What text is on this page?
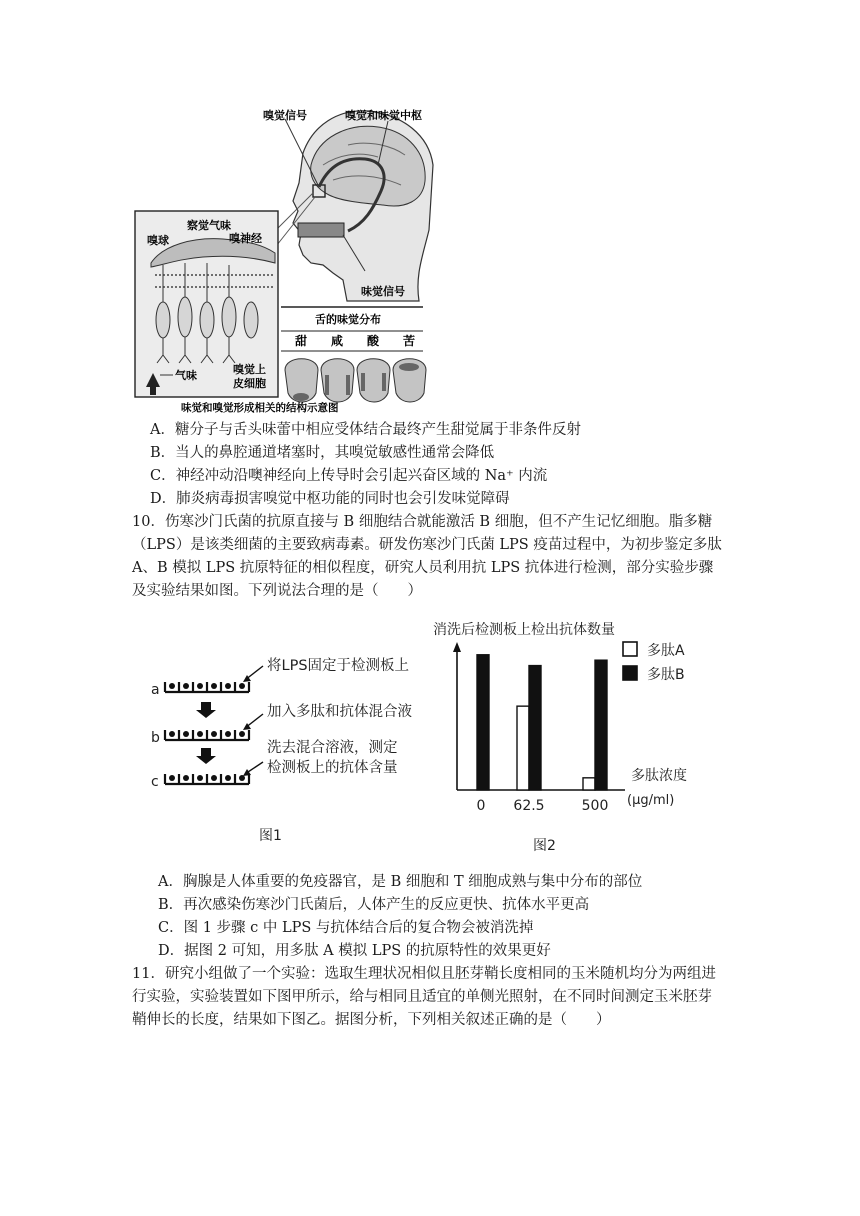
嗅觉信号	嗅觉和味觉中枢
察觉气味
嗅球	嗅神经
味觉信号
舌的味觉分布
甜 咸 酸 苦
气味	嗅觉上
皮细胞
味觉和嗅觉形成相关的结构示意图
A．糖分子与舌头味蕾中相应受体结合最终产生甜觉属于非条件反射
B．当人的鼻腔通道堵塞时，其嗅觉敏感性通常会降低
C．神经冲动沿噢神经向上传导时会引起兴奋区域的 Na⁺ 内流
D．肺炎病毒损害嗅觉中枢功能的同时也会引发味觉障碍
10．伤寒沙门氏菌的抗原直接与 B 细胞结合就能激活 B 细胞，但不产生记忆细胞。脂多糖
（LPS）是该类细菌的主要致病毒素。研发伤寒沙门氏菌 LPS 疫苗过程中，为初步鉴定多肽
A、B 模拟 LPS 抗原特征的相似程度，研究人员利用抗 LPS 抗体进行检测，部分实验步骤
及实验结果如图。下列说法合理的是（　　）
a
b
c
将LPS固定于检测板上
加入多肽和抗体混合液
洗去混合溶液，测定
检测板上的抗体含量
图1
消洗后检测板上检出抗体数量
0 62.5	500
多肽A
多肽B
多肽浓度
(μg/ml)
图2
A．胸腺是人体重要的免疫器官，是 B 细胞和 T 细胞成熟与集中分布的部位
B．再次感染伤寒沙门氏菌后，人体产生的反应更快、抗体水平更高
C．图 1 步骤 c 中 LPS 与抗体结合后的复合物会被消洗掉
D．据图 2 可知，用多肽 A 模拟 LPS 的抗原特性的效果更好
11．研究小组做了一个实验：选取生理状况相似且胚芽鞘长度相同的玉米随机均分为两组进
行实验，实验装置如下图甲所示，给与相同且适宜的单侧光照射，在不同时间测定玉米胚芽
鞘伸长的长度，结果如下图乙。据图分析，下列相关叙述正确的是（　　）
